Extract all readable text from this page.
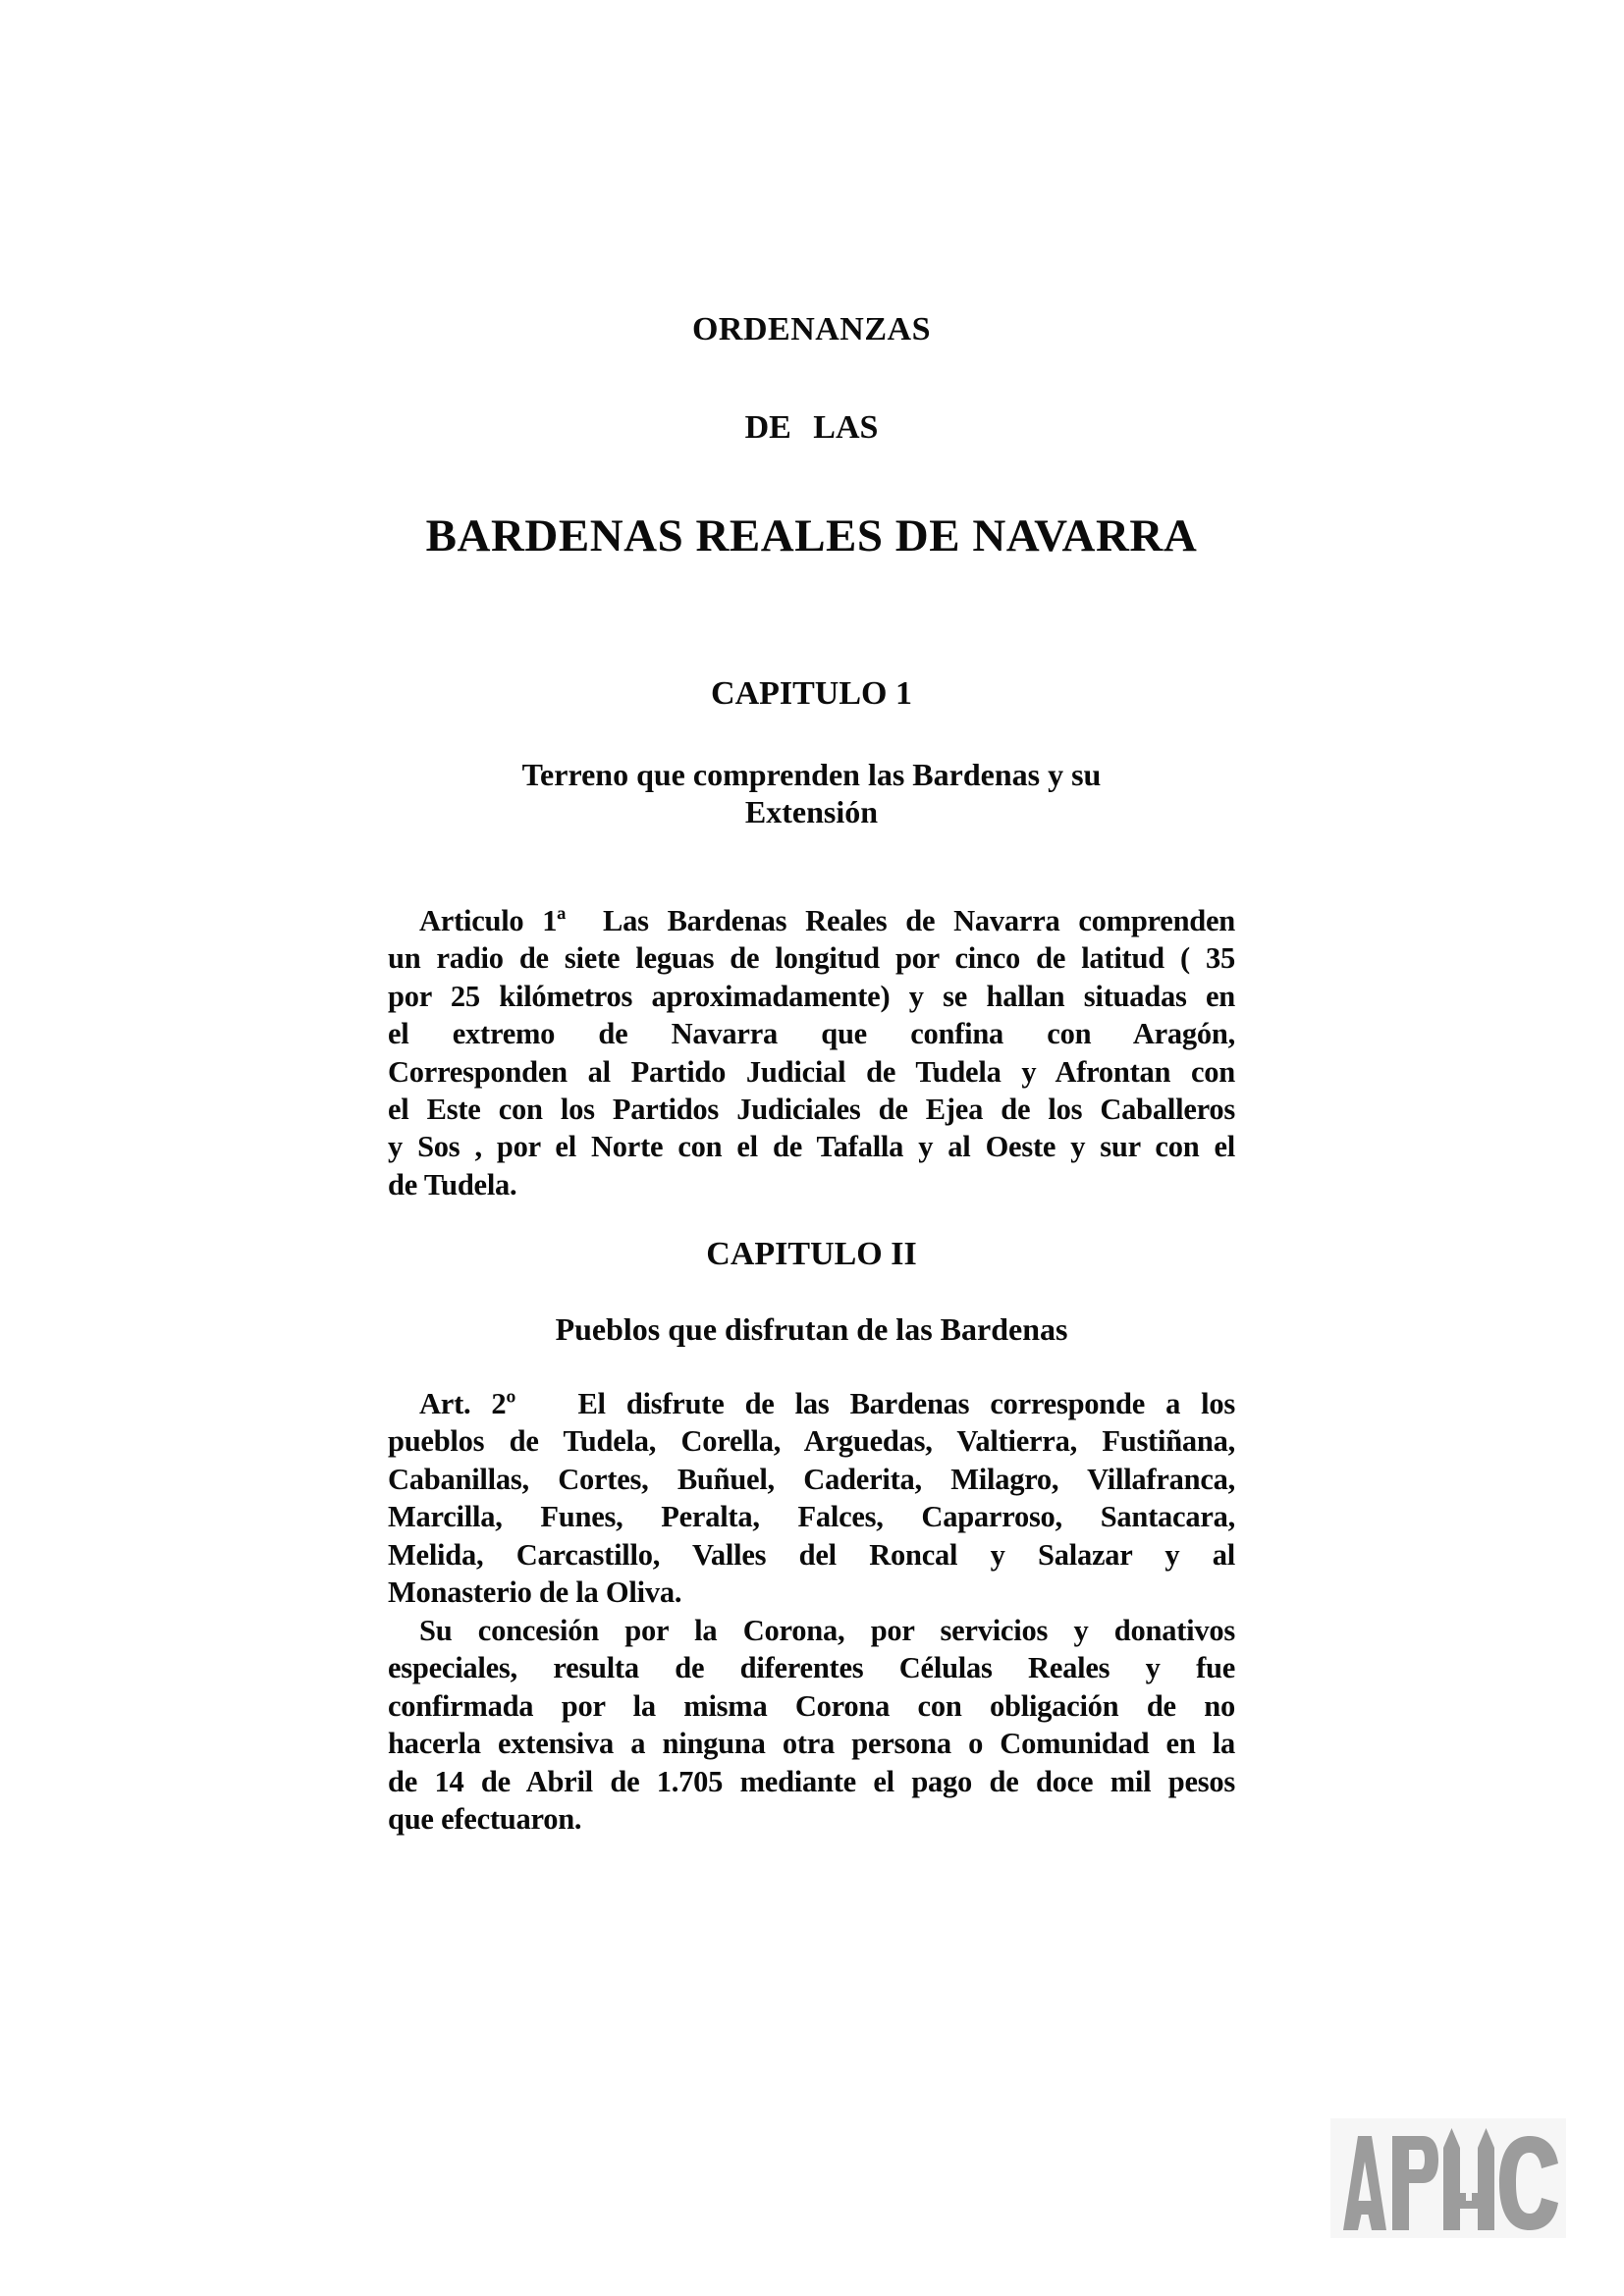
ORDENANZAS
DE LAS
BARDENAS REALES DE NAVARRA
CAPITULO 1
Terreno que comprenden las Bardenas y su
Extensión
Articulo 1ª  Las Bardenas Reales de Navarra comprenden
un radio de siete leguas de longitud por cinco de latitud ( 35
por 25 kilómetros aproximadamente) y se hallan situadas en
el extremo de Navarra que confina con Aragón,
Corresponden al Partido Judicial de Tudela y Afrontan con
el Este con los Partidos Judiciales de Ejea de los Caballeros
y Sos , por el Norte con el de Tafalla y al Oeste y sur con el
de Tudela.
CAPITULO II
Pueblos que disfrutan de las Bardenas
Art. 2º   El disfrute de las Bardenas corresponde a los
pueblos de Tudela, Corella, Arguedas, Valtierra, Fustiñana,
Cabanillas, Cortes, Buñuel, Caderita, Milagro, Villafranca,
Marcilla, Funes, Peralta, Falces, Caparroso, Santacara,
Melida, Carcastillo, Valles del Roncal y Salazar y al
Monasterio de la Oliva.
Su concesión por la Corona, por servicios y donativos
especiales, resulta de diferentes Células Reales y fue
confirmada por la misma Corona con obligación de no
hacerla extensiva a ninguna otra persona o Comunidad en la
de 14 de Abril de 1.705 mediante el pago de doce mil pesos
que efectuaron.
